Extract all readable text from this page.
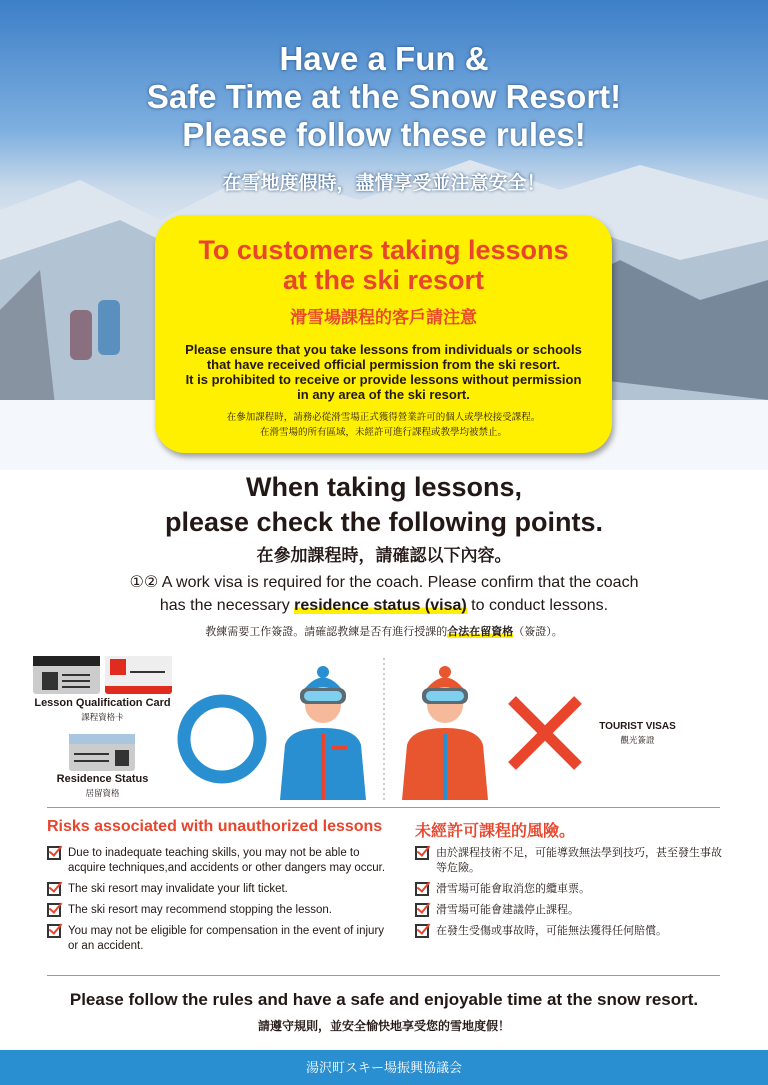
Have a Fun &
Safe Time at the Snow Resort!
Please follow these rules!
在雪地度假時，盡情享受並注意安全！
To customers taking lessons
at the ski resort
滑雪場課程的客戶請注意
Please ensure that you take lessons from individuals or schools
that have received official permission from the ski resort.
It is prohibited to receive or provide lessons without permission
in any area of the ski resort.
在參加課程時，請務必從滑雪場正式獲得營業許可的個人或學校接受課程。
在滑雪場的所有區域，未經許可進行課程或教學均被禁止。
When taking lessons,
please check the following points.
在參加課程時，請確認以下內容。
①② A work visa is required for the coach. Please confirm that the coach
has the necessary residence status (visa) to conduct lessons.
教練需要工作簽證。請確認教練是否有進行授課的合法在留資格（簽證）。
Lesson Qualification Card
課程資格卡
Residence Status
居留資格
TOURIST VISAS
觀光簽證
Risks associated with unauthorized lessons
Due to inadequate teaching skills, you may not be able to acquire techniques,and accidents or other dangers may occur.
The ski resort may invalidate your lift ticket.
The ski resort may recommend stopping the lesson.
You may not be eligible for compensation in the event of injury or an accident.
未經許可課程的風險。
由於課程技術不足，可能導致無法學到技巧，甚至發生事故等危險。
滑雪場可能會取消您的纜車票。
滑雪場可能會建議停止課程。
在發生受傷或事故時，可能無法獲得任何賠償。
Please follow the rules and have a safe and enjoyable time at the snow resort.
請遵守規則，並安全愉快地享受您的雪地度假！
湯沢町スキー場振興協議会
